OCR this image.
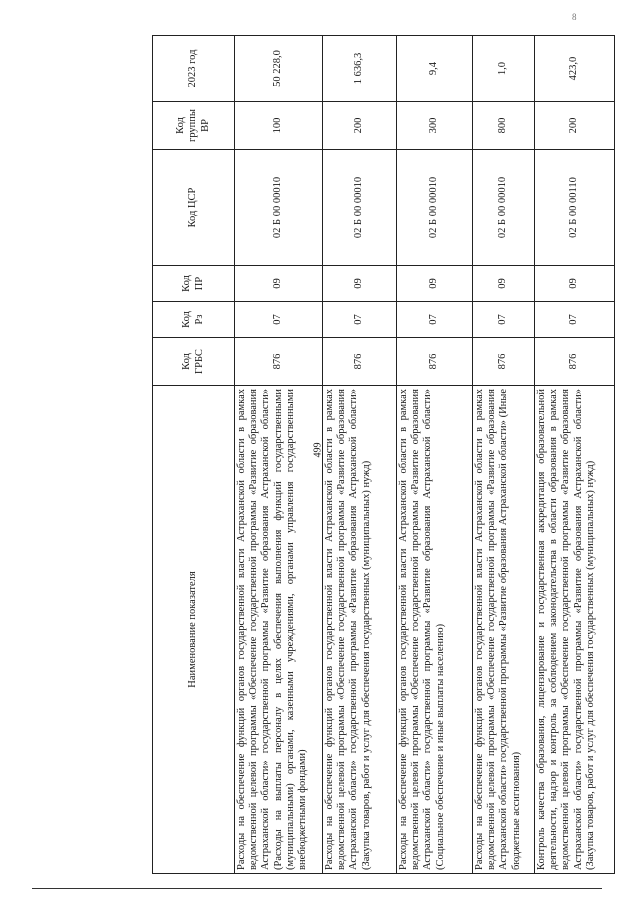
8
499
Наименование показателя	Код ГРБС	Код Рз	Код ПР	Код ЦСР	Код группы ВР	2023 год
Расходы на обеспечение функций органов государственной власти Астраханской области в рамках ведомственной целевой программы «Обеспечение государственной программы «Развитие образования Астраханской области» государственной программы «Развитие образования Астраханской области» (Расходы на выплаты персоналу в целях обеспечения выполнения функций государственными (муниципальными) органами, казенными учреждениями, органами управления государственными внебюджетными фондами)	876	07	09	02 Б 00 00010	100	50 228,0
Расходы на обеспечение функций органов государственной власти Астраханской области в рамках ведомственной целевой программы «Обеспечение государственной программы «Развитие образования Астраханской области» государственной программы «Развитие образования Астраханской области» (Закупка товаров, работ и услуг для обеспечения государственных (муниципальных) нужд)	876	07	09	02 Б 00 00010	200	1 636,3
Расходы на обеспечение функций органов государственной власти Астраханской области в рамках ведомственной целевой программы «Обеспечение государственной программы «Развитие образования Астраханской области» государственной программы «Развитие образования Астраханской области» (Социальное обеспечение и иные выплаты населению)	876	07	09	02 Б 00 00010	300	9,4
Расходы на обеспечение функций органов государственной власти Астраханской области в рамках ведомственной целевой программы «Обеспечение государственной программы «Развитие образования Астраханской области» государственной программы «Развитие образования Астраханской области» (Иные бюджетные ассигнования)	876	07	09	02 Б 00 00010	800	1,0
Контроль качества образования, лицензирование и государственная аккредитация образовательной деятельности, надзор и контроль за соблюдением законодательства в области образования в рамках ведомственной целевой программы «Обеспечение государственной программы «Развитие образования Астраханской области» государственной программы «Развитие образования Астраханской области» (Закупка товаров, работ и услуг для обеспечения государственных (муниципальных) нужд)	876	07	09	02 Б 00 00110	200	423,0
